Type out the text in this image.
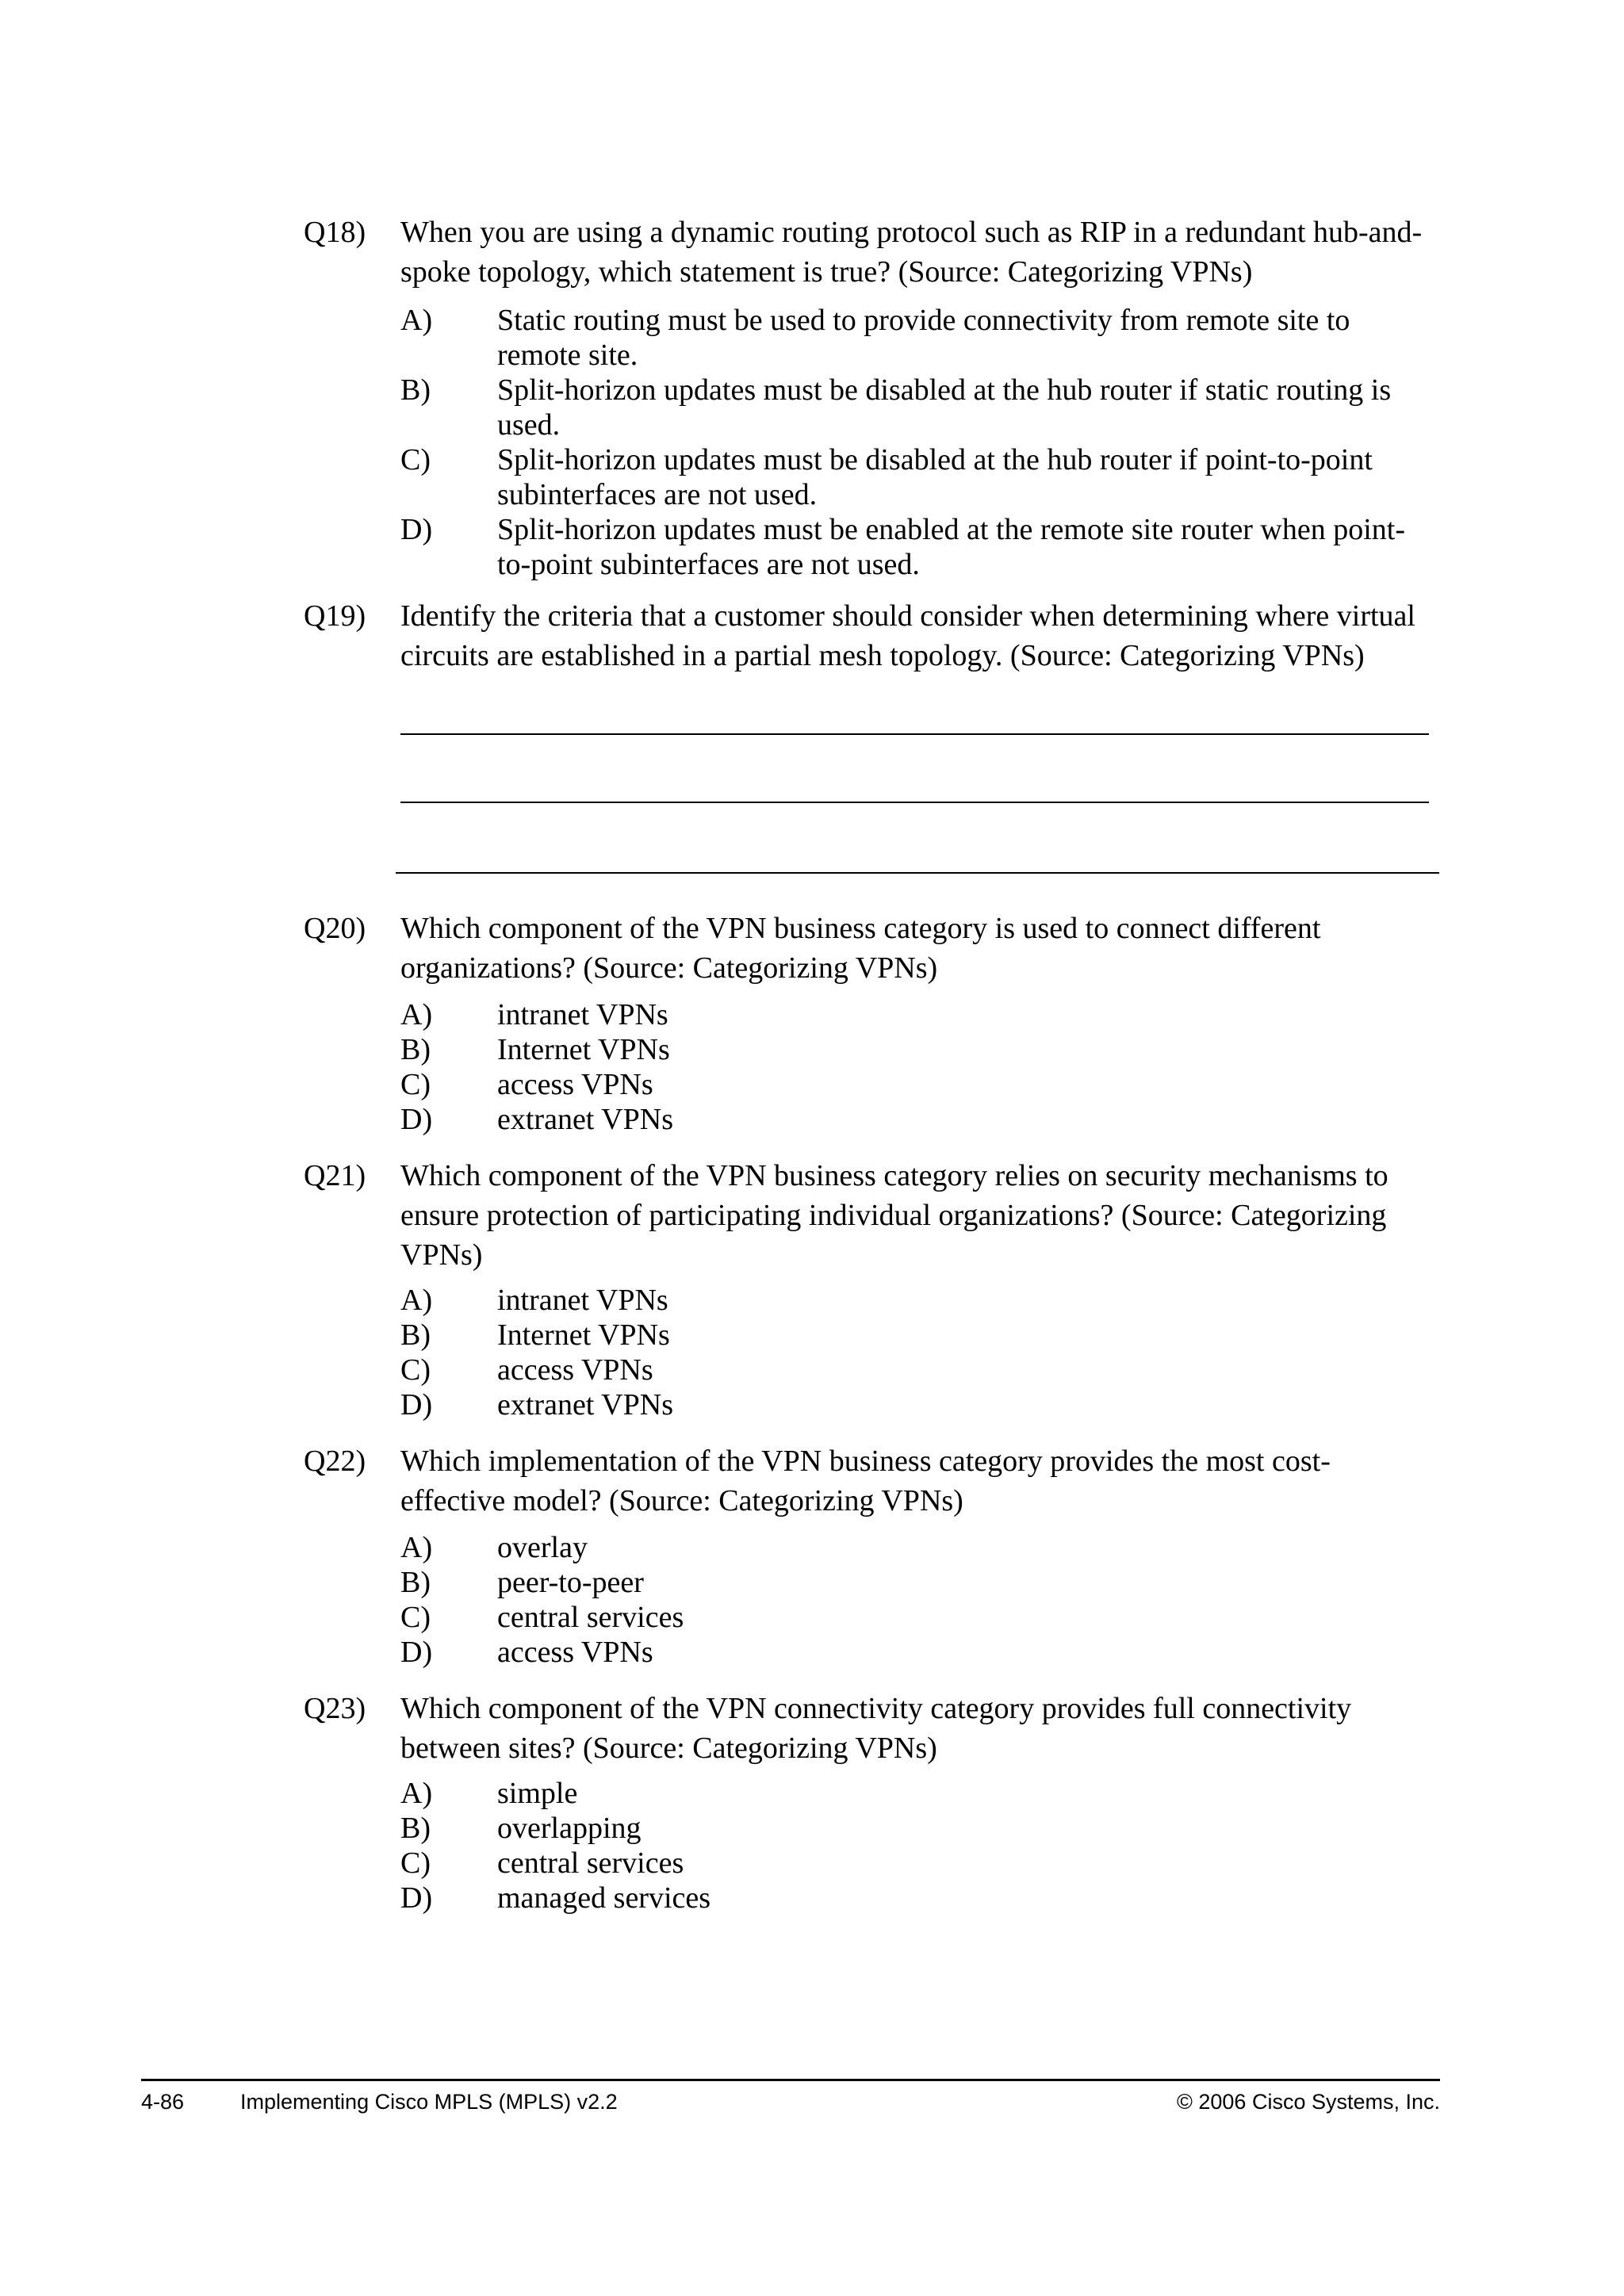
Q18) When you are using a dynamic routing protocol such as RIP in a redundant hub-and-spoke topology, which statement is true? (Source: Categorizing VPNs)
A)	Static routing must be used to provide connectivity from remote site to remote site.
B)	Split-horizon updates must be disabled at the hub router if static routing is used.
C)	Split-horizon updates must be disabled at the hub router if point-to-point subinterfaces are not used.
D)	Split-horizon updates must be enabled at the remote site router when point-to-point subinterfaces are not used.
Q19) Identify the criteria that a customer should consider when determining where virtual circuits are established in a partial mesh topology. (Source: Categorizing VPNs)
Q20) Which component of the VPN business category is used to connect different organizations? (Source: Categorizing VPNs)
A)	intranet VPNs
B)	Internet VPNs
C)	access VPNs
D)	extranet VPNs
Q21) Which component of the VPN business category relies on security mechanisms to ensure protection of participating individual organizations? (Source: Categorizing VPNs)
A)	intranet VPNs
B)	Internet VPNs
C)	access VPNs
D)	extranet VPNs
Q22) Which implementation of the VPN business category provides the most cost-effective model? (Source: Categorizing VPNs)
A)	overlay
B)	peer-to-peer
C)	central services
D)	access VPNs
Q23) Which component of the VPN connectivity category provides full connectivity between sites? (Source: Categorizing VPNs)
A)	simple
B)	overlapping
C)	central services
D)	managed services
4-86	Implementing Cisco MPLS (MPLS) v2.2	© 2006 Cisco Systems, Inc.
